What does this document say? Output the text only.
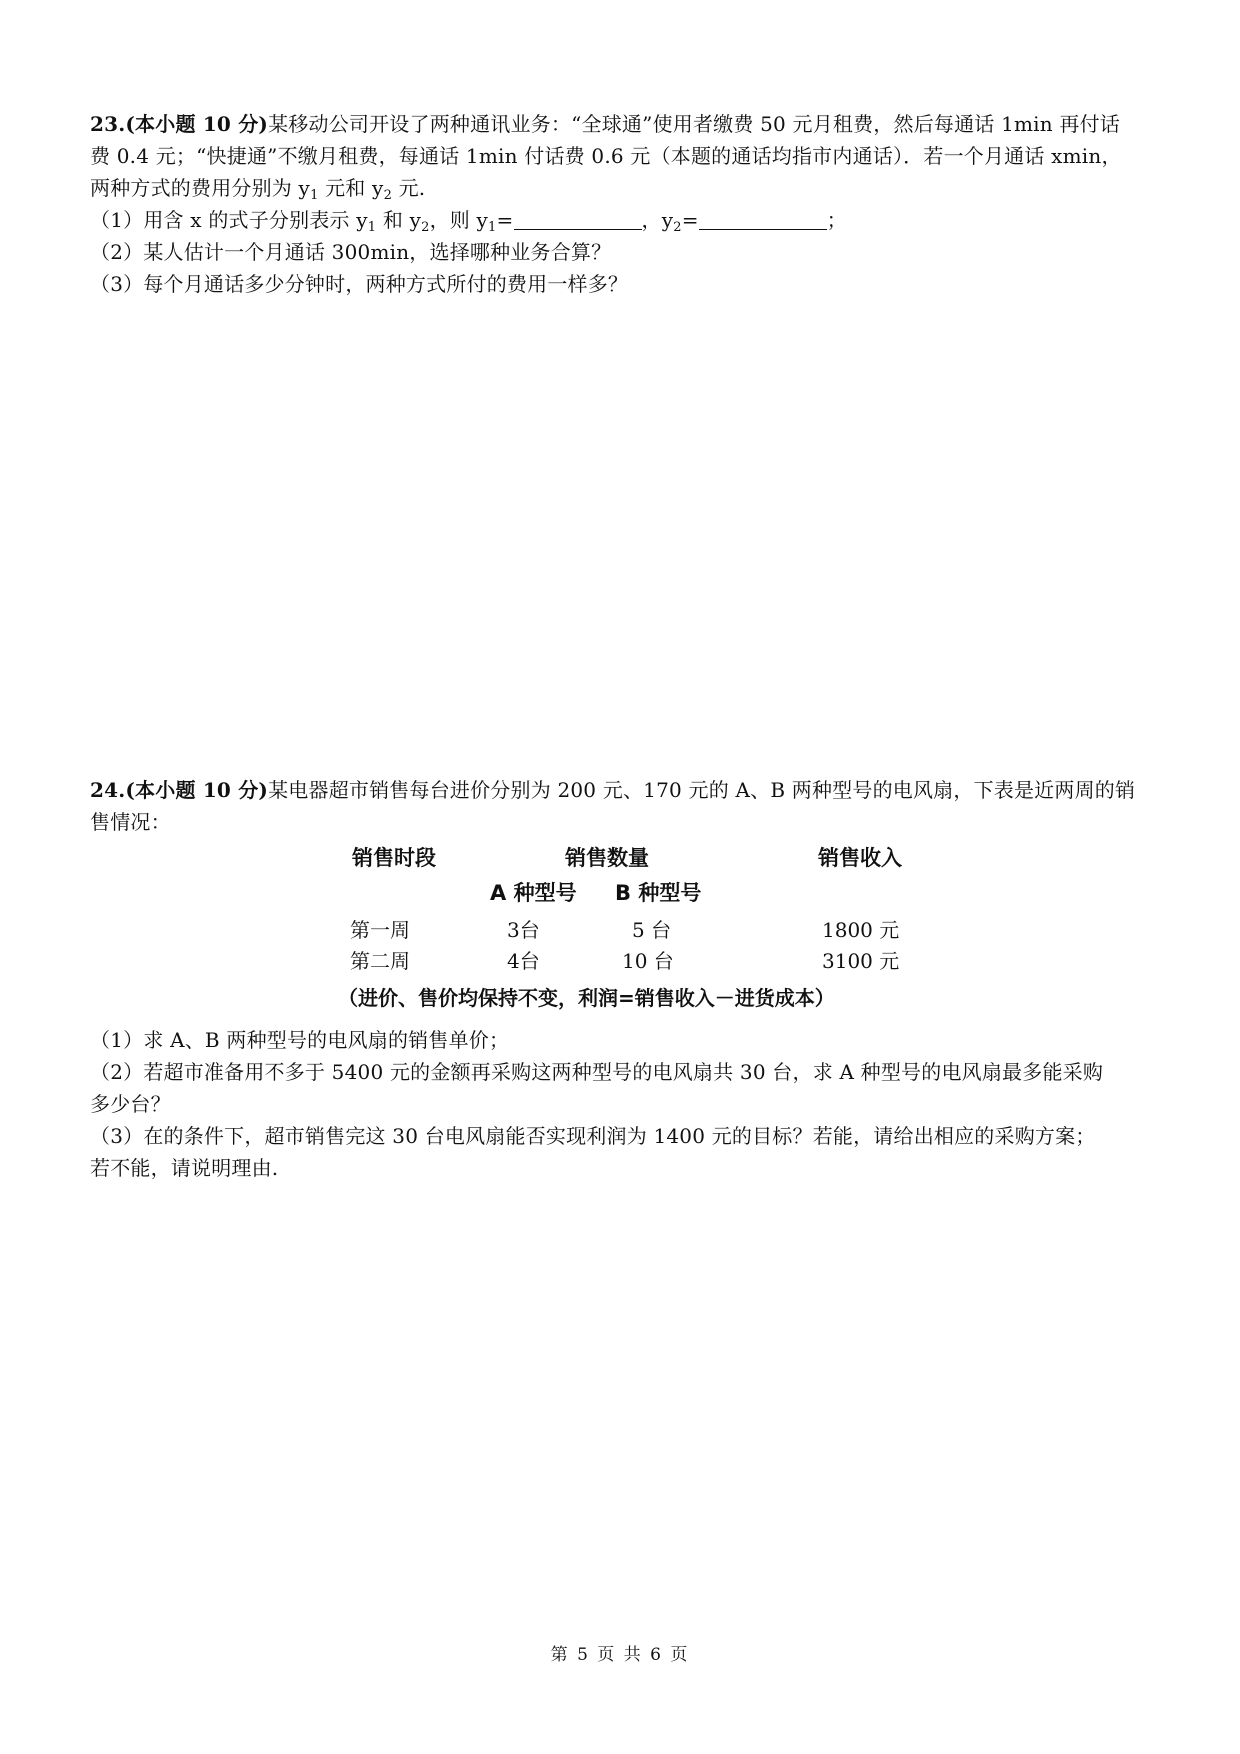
23.(本小题 10 分)某移动公司开设了两种通讯业务：“全球通”使用者缴费 50 元月租费，然后每通话 1min 再付话
费 0.4 元；“快捷通”不缴月租费，每通话 1min 付话费 0.6 元（本题的通话均指市内通话）．若一个月通话 xmin，
两种方式的费用分别为 $y_1$ 元和 $y_2$ 元.
（1）用含 x 的式子分别表示 $y_1$ 和 $y_2$，则 $y_1=$	，$y_2=$	；
（2）某人估计一个月通话 300min，选择哪种业务合算？
（3）每个月通话多少分钟时，两种方式所付的费用一样多？
24.(本小题 10 分)某电器超市销售每台进价分别为 200 元、170 元的 A、B 两种型号的电风扇，下表是近两周的销
售情况：
销售时段	销售数量	销售收入
A 种型号 B 种型号
第一周	3台	5 台	1800 元
第二周	4台	10 台	3100 元
（进价、售价均保持不变，利润=销售收入－进货成本）
（1）求 A、B 两种型号的电风扇的销售单价；
（2）若超市准备用不多于 5400 元的金额再采购这两种型号的电风扇共 30 台，求 A 种型号的电风扇最多能采购
多少台？
（3）在的条件下，超市销售完这 30 台电风扇能否实现利润为 1400 元的目标？若能，请给出相应的采购方案；
若不能，请说明理由.
第 5 页 共 6 页
